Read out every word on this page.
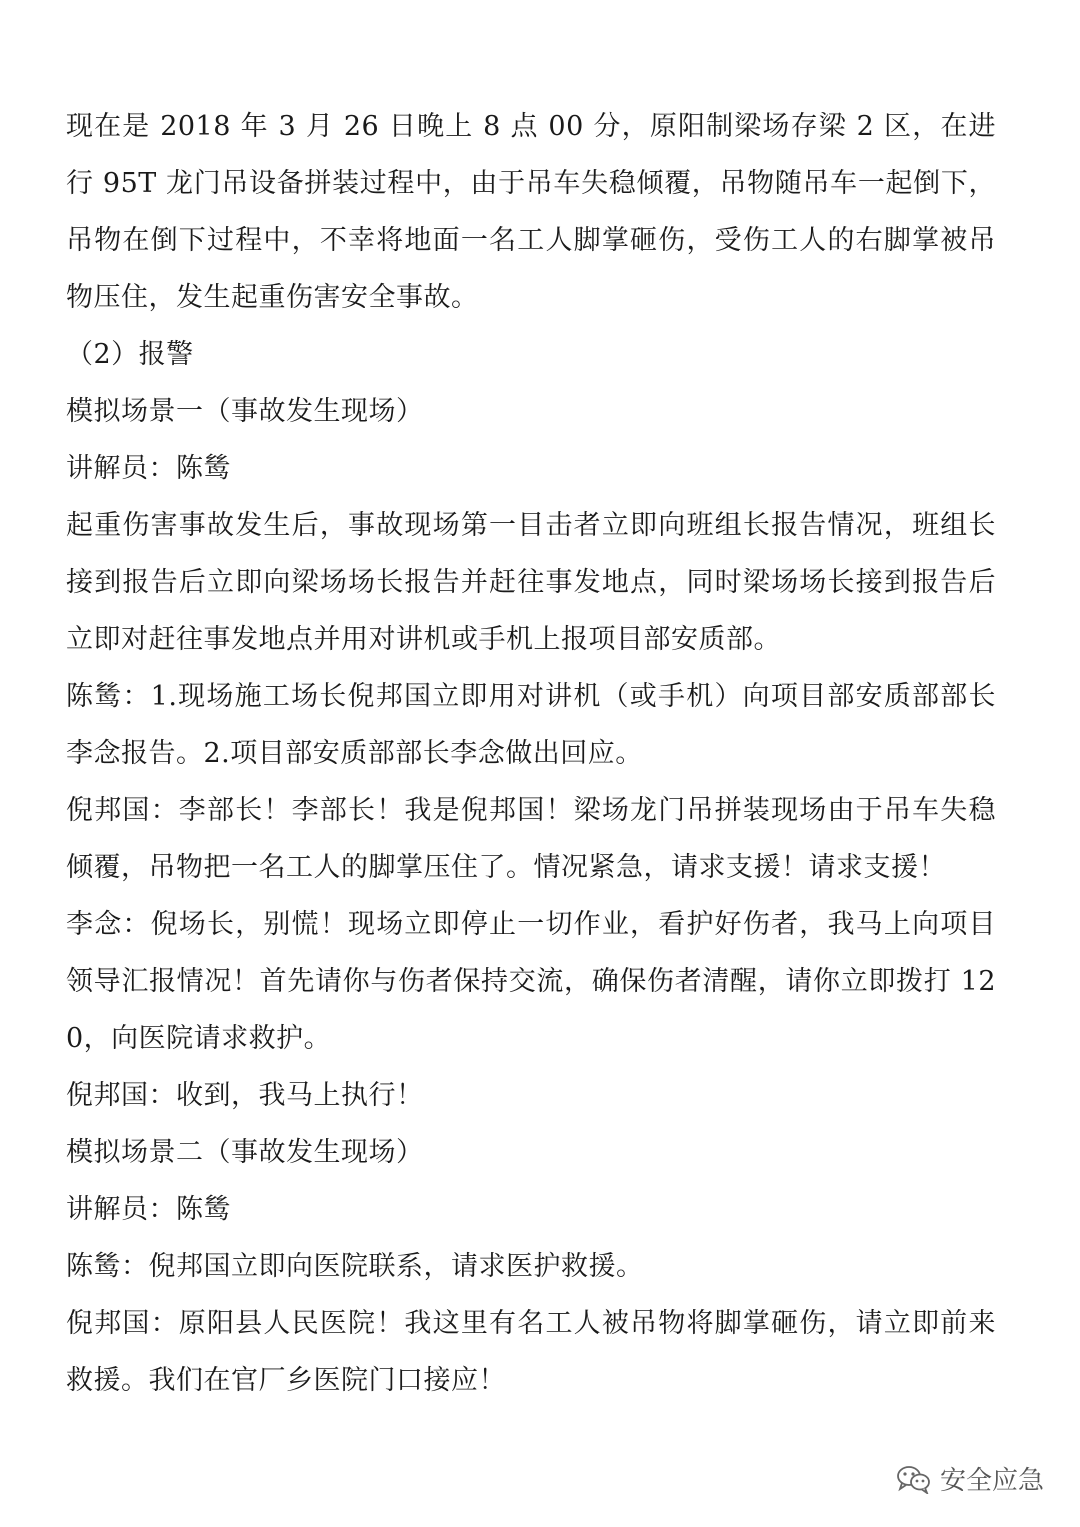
现在是 2018 年 3 月 26 日晚上 8 点 00 分，原阳制梁场存梁 2 区，在进行 95T 龙门吊设备拼装过程中，由于吊车失稳倾覆，吊物随吊车一起倒下，吊物在倒下过程中，不幸将地面一名工人脚掌砸伤，受伤工人的右脚掌被吊物压住，发生起重伤害安全事故。

（2）报警

模拟场景一（事故发生现场）

讲解员：陈鸶

起重伤害事故发生后，事故现场第一目击者立即向班组长报告情况，班组长接到报告后立即向梁场场长报告并赶往事发地点，同时梁场场长接到报告后立即对赶往事发地点并用对讲机或手机上报项目部安质部。

陈鸶：1.现场施工场长倪邦国立即用对讲机（或手机）向项目部安质部部长李念报告。2.项目部安质部部长李念做出回应。

倪邦国：李部长！李部长！我是倪邦国！梁场龙门吊拼装现场由于吊车失稳倾覆，吊物把一名工人的脚掌压住了。情况紧急，请求支援！请求支援！

李念：倪场长，别慌！现场立即停止一切作业，看护好伤者，我马上向项目领导汇报情况！首先请你与伤者保持交流，确保伤者清醒，请你立即拨打 120，向医院请求救护。

倪邦国：收到，我马上执行！

模拟场景二（事故发生现场）

讲解员：陈鸶

陈鸶：倪邦国立即向医院联系，请求医护救援。

倪邦国：原阳县人民医院！我这里有名工人被吊物将脚掌砸伤，请立即前来救援。我们在官厂乡医院门口接应！

安全应急
